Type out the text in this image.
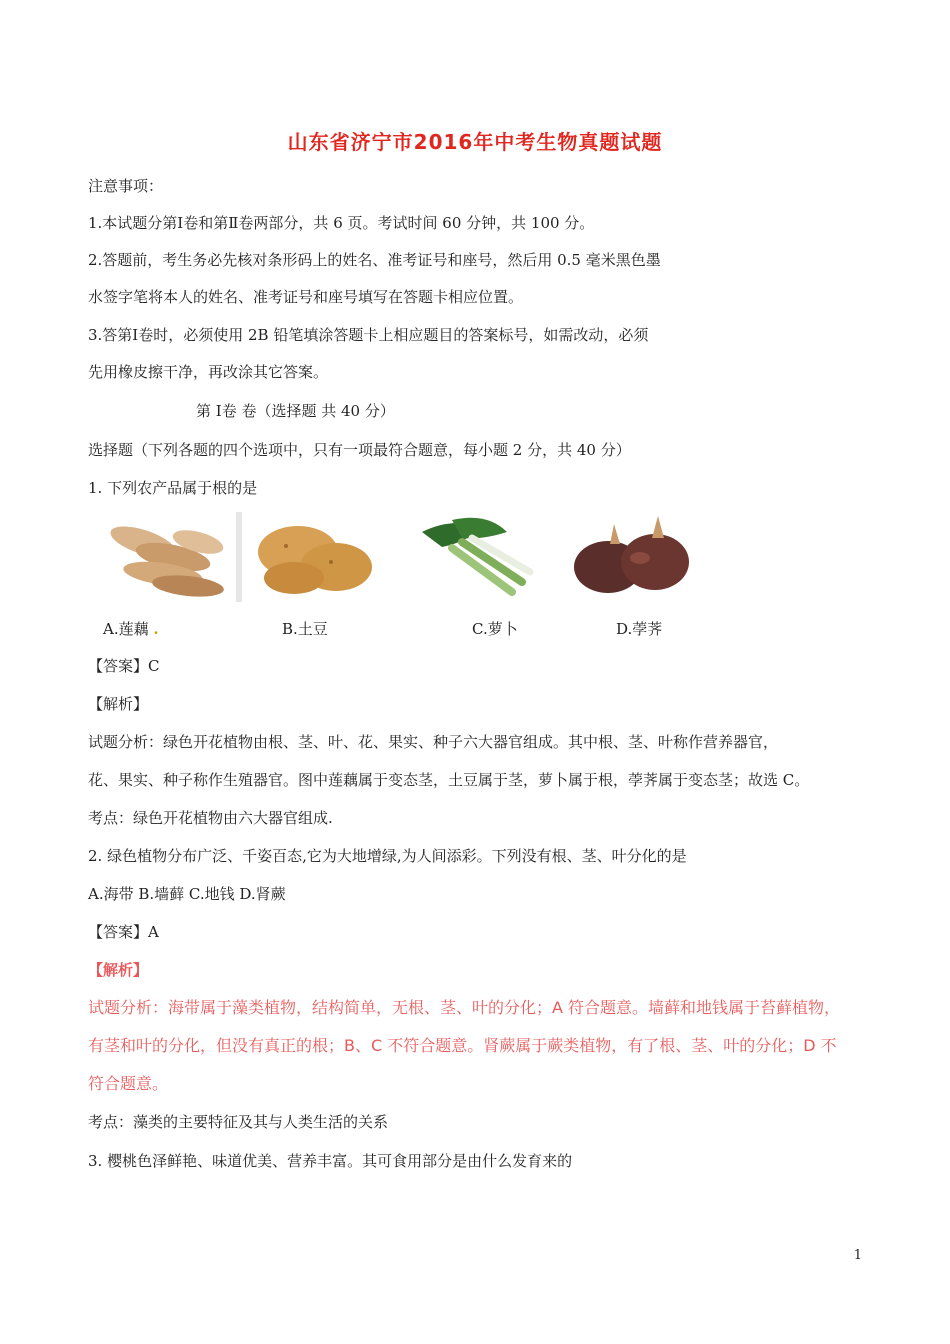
山东省济宁市2016年中考生物真题试题
注意事项：
1.本试题分第Ⅰ卷和第Ⅱ卷两部分，共 6 页。考试时间 60 分钟，共 100 分。
2.答题前，考生务必先核对条形码上的姓名、准考证号和座号，然后用 0.5 毫米黑色墨
水签字笔将本人的姓名、准考证号和座号填写在答题卡相应位置。
3.答第Ⅰ卷时，必须使用 2B 铅笔填涂答题卡上相应题目的答案标号，如需改动，必须
先用橡皮擦干净，再改涂其它答案。
第 Ⅰ卷 卷（选择题 共 40 分）
选择题（下列各题的四个选项中，只有一项最符合题意，每小题 2 分，共 40 分）
1. 下列农产品属于根的是
A.莲藕 .	B.土豆	C.萝卜	D.荸荠
【答案】C
【解析】
试题分析：绿色开花植物由根、茎、叶、花、果实、种子六大器官组成。其中根、茎、叶称作营养器官，
花、果实、种子称作生殖器官。图中莲藕属于变态茎，土豆属于茎，萝卜属于根，荸荠属于变态茎；故选 C。
考点：绿色开花植物由六大器官组成.
2. 绿色植物分布广泛、千姿百态,它为大地增绿,为人间添彩。下列没有根、茎、叶分化的是
A.海带 B.墙藓 C.地钱 D.肾蕨
【答案】A
【解析】
试题分析：海带属于藻类植物，结构简单，无根、茎、叶的分化；A 符合题意。墙藓和地钱属于苔藓植物，
有茎和叶的分化，但没有真正的根；B、C 不符合题意。肾蕨属于蕨类植物，有了根、茎、叶的分化；D 不
符合题意。
考点：藻类的主要特征及其与人类生活的关系
3. 樱桃色泽鲜艳、味道优美、营养丰富。其可食用部分是由什么发育来的
1
